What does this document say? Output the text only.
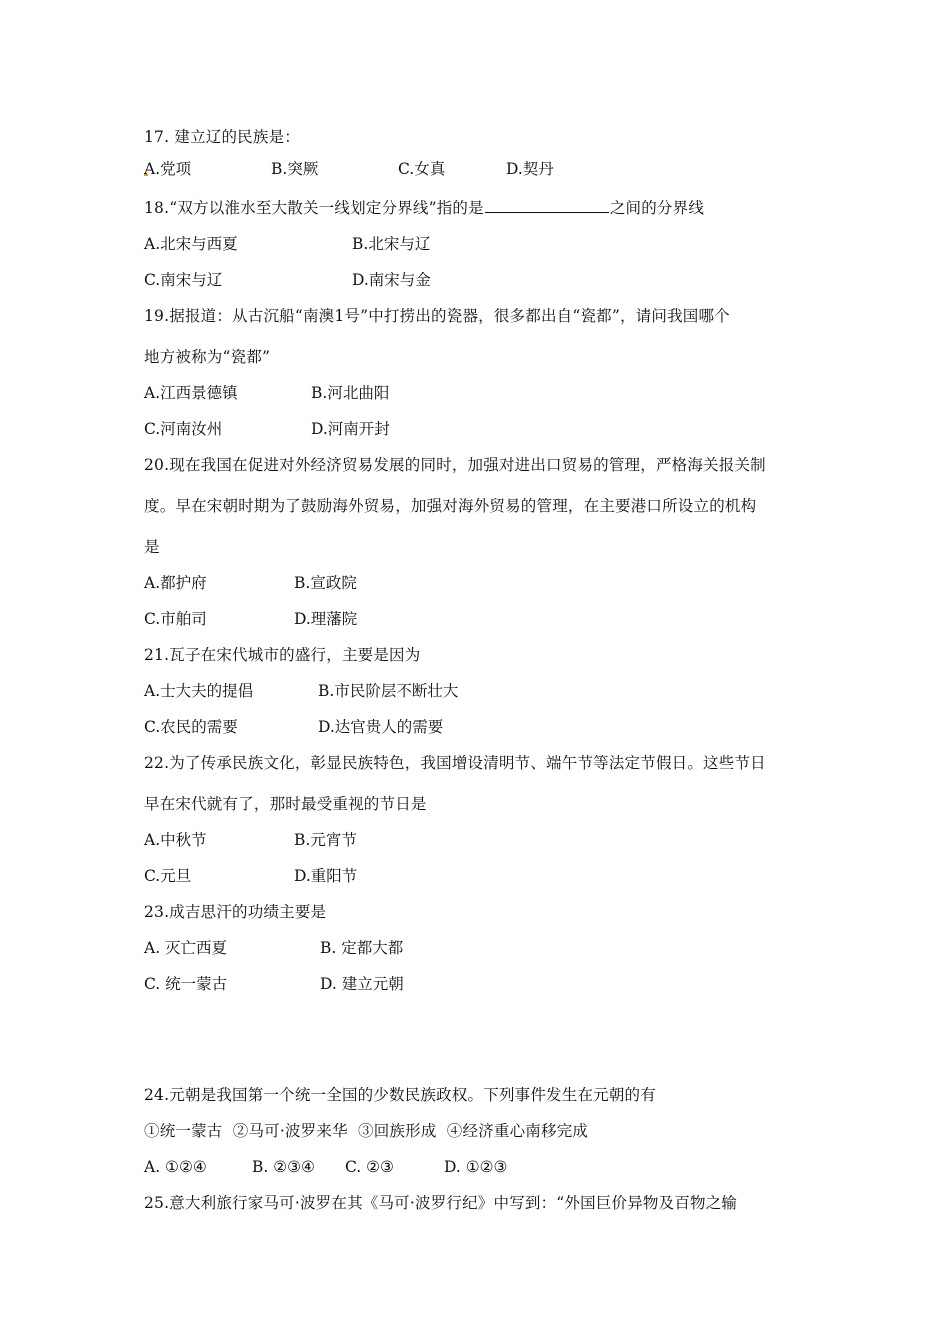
17. 建立辽的民族是：
A.党项	B.突厥	C.女真	D.契丹
18.“双方以淮水至大散关一线划定分界线”指的是	之间的分界线
A.北宋与西夏	B.北宋与辽
C.南宋与辽	D.南宋与金
19.据报道：从古沉船“南澳1号”中打捞出的瓷器，很多都出自“瓷都”，请问我国哪个
地方被称为“瓷都”
A.江西景德镇	B.河北曲阳
C.河南汝州	D.河南开封
20.现在我国在促进对外经济贸易发展的同时，加强对进出口贸易的管理，严格海关报关制
度。早在宋朝时期为了鼓励海外贸易，加强对海外贸易的管理，在主要港口所设立的机构
是
A.都护府	B.宣政院
C.市舶司	D.理藩院
21.瓦子在宋代城市的盛行，主要是因为
A.士大夫的提倡	B.市民阶层不断壮大
C.农民的需要	D.达官贵人的需要
22.为了传承民族文化，彰显民族特色，我国增设清明节、端午节等法定节假日。这些节日
早在宋代就有了，那时最受重视的节日是
A.中秋节	B.元宵节
C.元旦	D.重阳节
23.成吉思汗的功绩主要是
A. 灭亡西夏	B. 定都大都
C. 统一蒙古	D. 建立元朝
24.元朝是我国第一个统一全国的少数民族政权。下列事件发生在元朝的有
①统一蒙古  ②马可·波罗来华  ③回族形成  ④经济重心南移完成
A. ①②④	B. ②③④ C. ②③	D. ①②③
25.意大利旅行家马可·波罗在其《马可·波罗行纪》中写到：“外国巨价异物及百物之输
